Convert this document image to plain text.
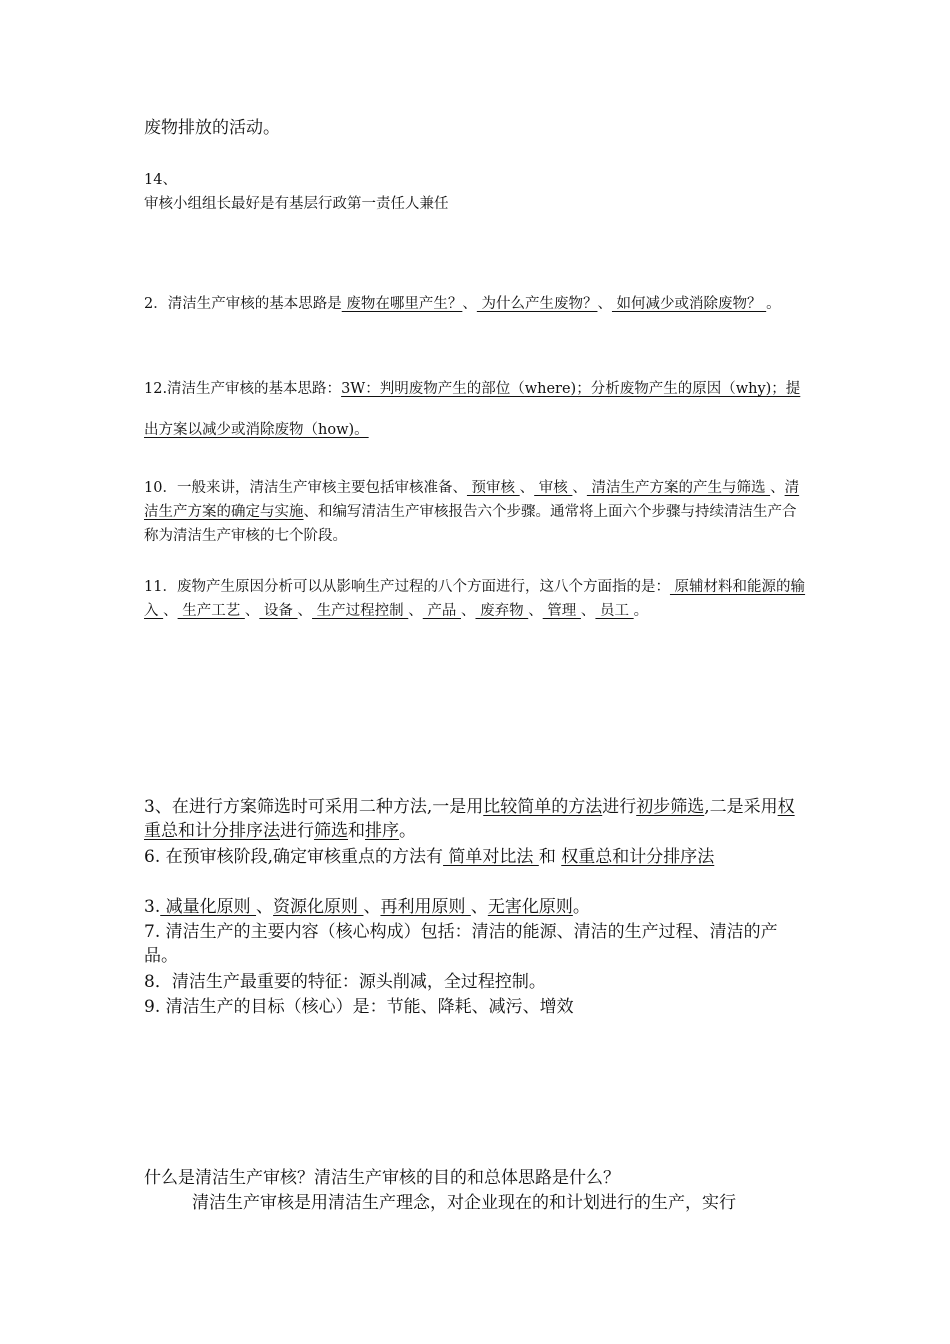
废物排放的活动。

14、

审核小组组长最好是有基层行政第一责任人兼任

2．清洁生产审核的基本思路是 废物在哪里产生？、 为什么产生废物？、 如何减少或消除废物？ 。

12.清洁生产审核的基本思路：3W：判明废物产生的部位（where)；分析废物产生的原因（why)；提出方案以减少或消除废物（how)。

10．一般来讲，清洁生产审核主要包括审核准备、 预审核 、 审核 、 清洁生产方案的产生与筛选 、清洁生产方案的确定与实施、和编写清洁生产审核报告六个步骤。通常将上面六个步骤与持续清洁生产合称为清洁生产审核的七个阶段。

11．废物产生原因分析可以从影响生产过程的八个方面进行，这八个方面指的是： 原辅材料和能源的输入 、 生产工艺 、 设备 、 生产过程控制 、 产品 、 废弃物 、 管理 、 员工 。

3、在进行方案筛选时可采用二种方法,一是用比较简单的方法进行初步筛选,二是采用权重总和计分排序法进行筛选和排序。

6. 在预审核阶段,确定审核重点的方法有 简单对比法 和 权重总和计分排序法

3. 减量化原则 、资源化原则 、再利用原则 、无害化原则。

7. 清洁生产的主要内容（核心构成）包括：清洁的能源、清洁的生产过程、清洁的产品。

8．清洁生产最重要的特征：源头削减，全过程控制。

9. 清洁生产的目标（核心）是：节能、降耗、减污、增效

什么是清洁生产审核？清洁生产审核的目的和总体思路是什么？

清洁生产审核是用清洁生产理念，对企业现在的和计划进行的生产，实行
